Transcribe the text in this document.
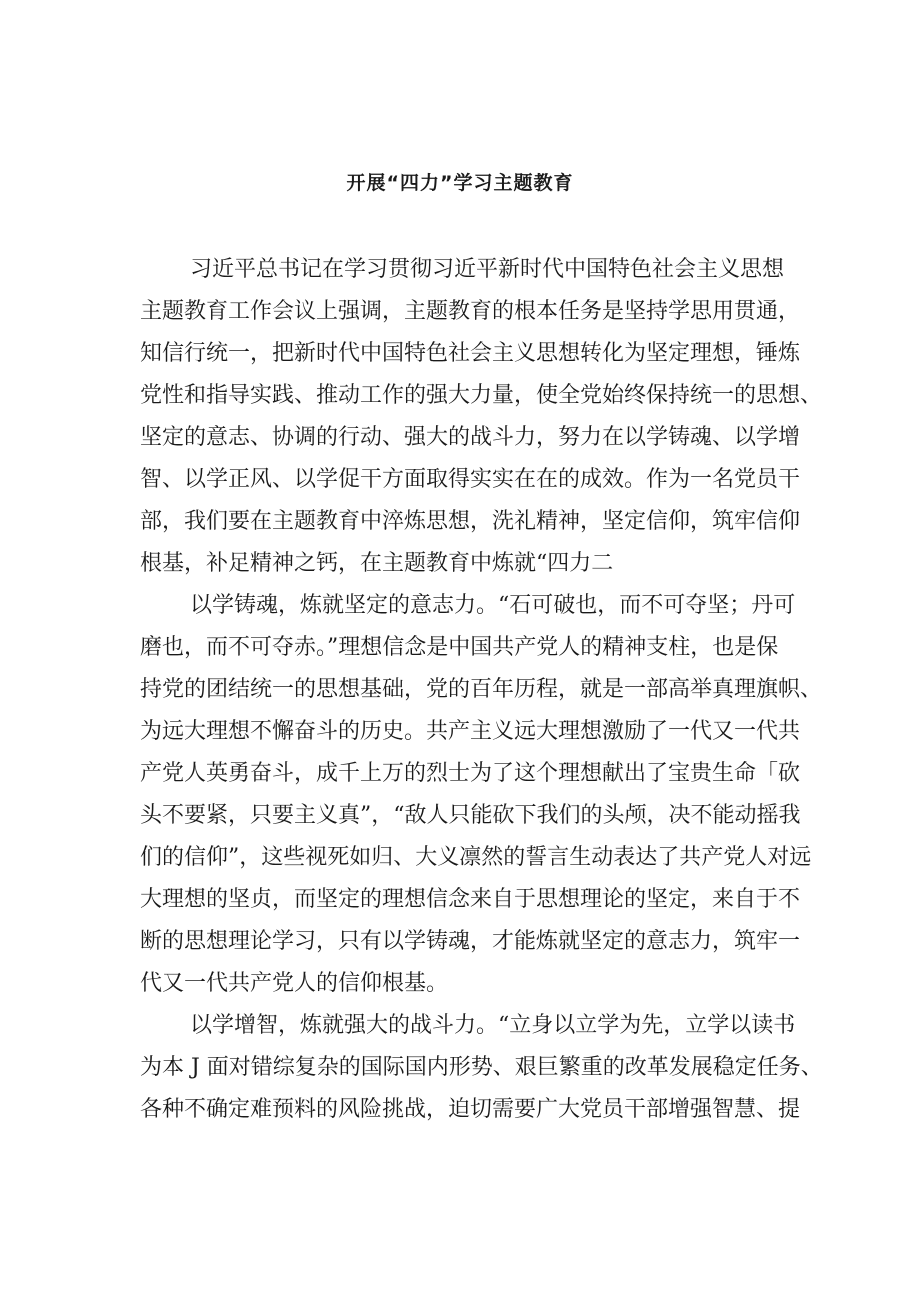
开展“四力”学习主题教育

习近平总书记在学习贯彻习近平新时代中国特色社会主义思想

主题教育工作会议上强调，主题教育的根本任务是坚持学思用贯通，

知信行统一，把新时代中国特色社会主义思想转化为坚定理想，锤炼

党性和指导实践、推动工作的强大力量，使全党始终保持统一的思想、

坚定的意志、协调的行动、强大的战斗力，努力在以学铸魂、以学增

智、以学正风、以学促干方面取得实实在在的成效。作为一名党员干

部，我们要在主题教育中淬炼思想，洗礼精神，坚定信仰，筑牢信仰

根基，补足精神之钙，在主题教育中炼就“四力二

以学铸魂，炼就坚定的意志力。“石可破也，而不可夺坚；丹可

磨也，而不可夺赤。”理想信念是中国共产党人的精神支柱，也是保

持党的团结统一的思想基础，党的百年历程，就是一部高举真理旗帜、

为远大理想不懈奋斗的历史。共产主义远大理想激励了一代又一代共

产党人英勇奋斗，成千上万的烈士为了这个理想献出了宝贵生命「砍

头不要紧，只要主义真”，“敌人只能砍下我们的头颅，决不能动摇我

们的信仰”，这些视死如归、大义凛然的誓言生动表达了共产党人对远

大理想的坚贞，而坚定的理想信念来自于思想理论的坚定，来自于不

断的思想理论学习，只有以学铸魂，才能炼就坚定的意志力，筑牢一

代又一代共产党人的信仰根基。

以学增智，炼就强大的战斗力。“立身以立学为先，立学以读书

为本 J 面对错综复杂的国际国内形势、艰巨繁重的改革发展稳定任务、

各种不确定难预料的风险挑战，迫切需要广大党员干部增强智慧、提
